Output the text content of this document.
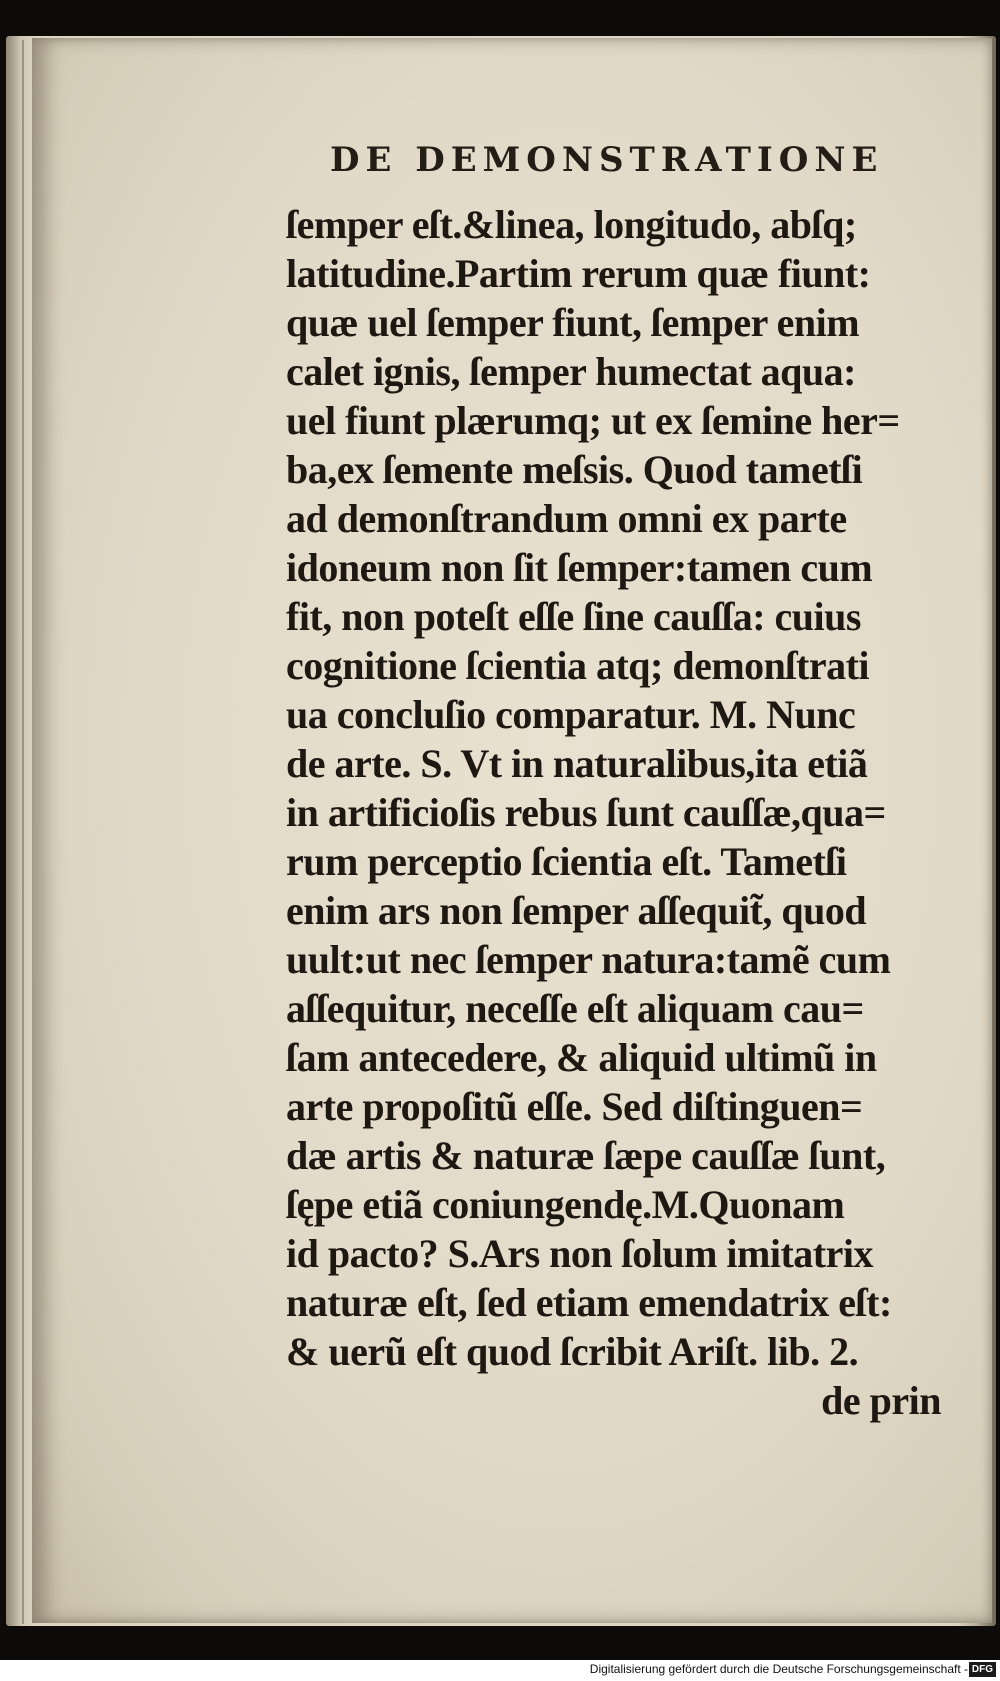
DE DEMONSTRATIONE
ſemper eſt.&linea, longitudo, abſq;
latitudine.Partim rerum quæ fiunt:
quæ uel ſemper fiunt, ſemper enim
calet ignis, ſemper humectat aqua:
uel fiunt plærumq; ut ex ſemine her=
ba,ex ſemente meſsis. Quod tametſi
ad demonſtrandum omni ex parte
idoneum non ſit ſemper:tamen cum
fit, non poteſt eſſe ſine cauſſa: cuius
cognitione ſcientia atq; demonſtrati
ua concluſio comparatur. M. Nunc
de arte. S. Vt in naturalibus,ita etiã
in artificioſis rebus ſunt cauſſæ,qua=
rum perceptio ſcientia eſt. Tametſi
enim ars non ſemper aſſequit̃, quod
uult:ut nec ſemper natura:tamẽ cum
aſſequitur, neceſſe eſt aliquam cau=
ſam antecedere, & aliquid ultimũ in
arte propoſitũ eſſe. Sed diſtinguen=
dæ artis & naturæ ſæpe cauſſæ ſunt,
ſępe etiã coniungendę.M.Quonam
id pacto? S.Ars non ſolum imitatrix
naturæ eſt, ſed etiam emendatrix eſt:
& uerũ eſt quod ſcribit Ariſt. lib. 2.
de prin
Digitalisierung gefördert durch die Deutsche Forschungsgemeinschaft - DFG
